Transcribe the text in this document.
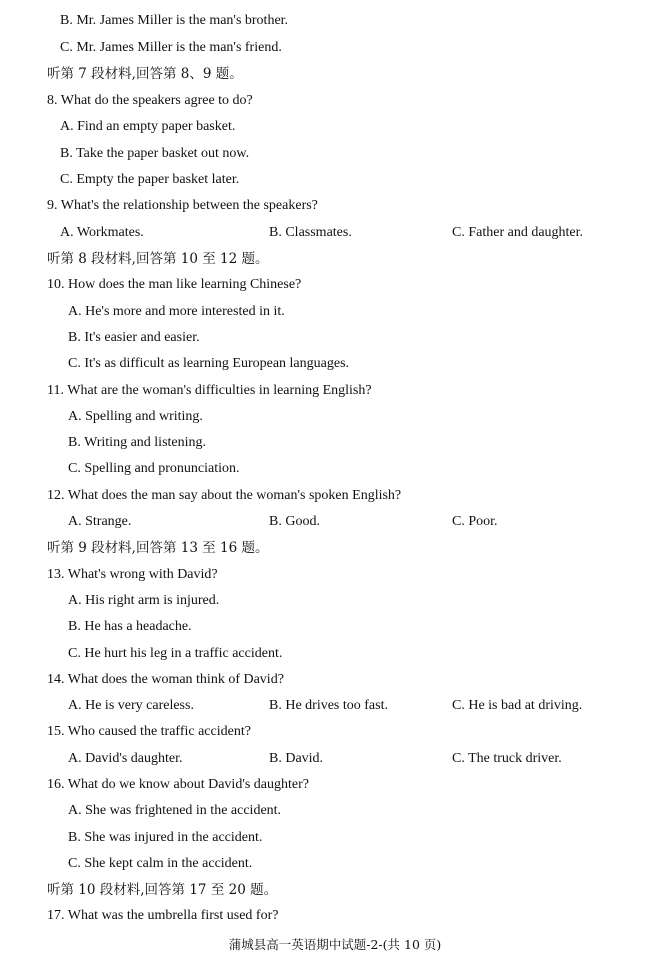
B. Mr. James Miller is the man's brother.
C. Mr. James Miller is the man's friend.
听第 7 段材料,回答第 8、9 题。
8. What do the speakers agree to do?
A. Find an empty paper basket.
B. Take the paper basket out now.
C. Empty the paper basket later.
9. What's the relationship between the speakers?
A. Workmates.	B. Classmates.	C. Father and daughter.
听第 8 段材料,回答第 10 至 12 题。
10. How does the man like learning Chinese?
A. He's more and more interested in it.
B. It's easier and easier.
C. It's as difficult as learning European languages.
11. What are the woman's difficulties in learning English?
A. Spelling and writing.
B. Writing and listening.
C. Spelling and pronunciation.
12. What does the man say about the woman's spoken English?
A. Strange.	B. Good.	C. Poor.
听第 9 段材料,回答第 13 至 16 题。
13. What's wrong with David?
A. His right arm is injured.
B. He has a headache.
C. He hurt his leg in a traffic accident.
14. What does the woman think of David?
A. He is very careless.	B. He drives too fast.	C. He is bad at driving.
15. Who caused the traffic accident?
A. David's daughter.	B. David.	C. The truck driver.
16. What do we know about David's daughter?
A. She was frightened in the accident.
B. She was injured in the accident.
C. She kept calm in the accident.
听第 10 段材料,回答第 17 至 20 题。
17. What was the umbrella first used for?
蒲城县高一英语期中试题-2-(共 10 页)
